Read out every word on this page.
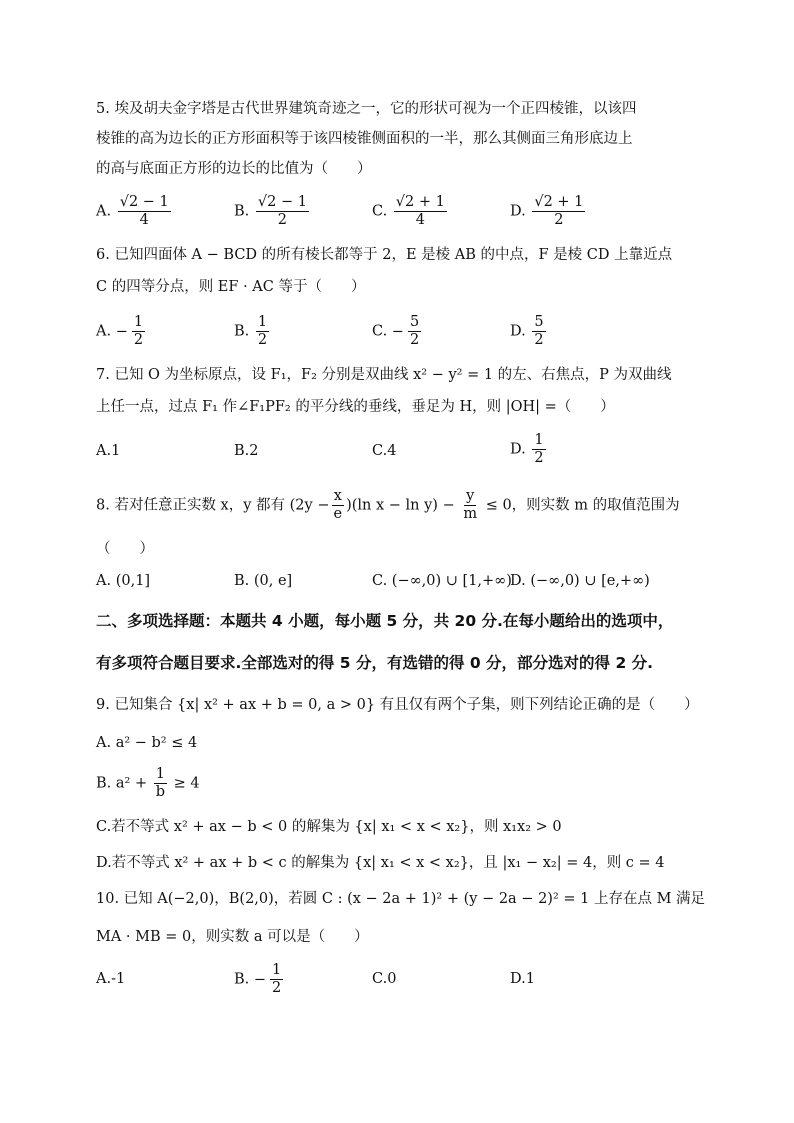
5. 埃及胡夫金字塔是古代世界建筑奇迹之一，它的形状可视为一个正四棱锥，以该四
棱锥的高为边长的正方形面积等于该四棱锥侧面积的一半，那么其侧面三角形底边上
的高与底面正方形的边长的比值为（　　）
A. $\frac{√2 - 1}{4}$	B. $\frac{√2 - 1}{2}$	C. $\frac{√2 + 1}{4}$	D. $\frac{√2 + 1}{2}$
6. 已知四面体 A − BCD 的所有棱长都等于 2，E 是棱 AB 的中点，F 是棱 CD 上靠近点
C 的四等分点，则 EF · AC 等于（　　）
A. − $\frac{1}{2}$	B. $\frac{1}{2}$	C. − $\frac{5}{2}$	D. $\frac{5}{2}$
7. 已知 O 为坐标原点，设 F₁，F₂ 分别是双曲线 x² − y² = 1 的左、右焦点，P 为双曲线
上任一点，过点 F₁ 作∠F₁PF₂ 的平分线的垂线，垂足为 H，则 |OH| =（　　）
A.1	B.2	C.4	D. $\frac{1}{2}$
8. 若对任意正实数 x，y 都有 $(2y - \frac{x}{e} )(\ln$ $x - \ln y) - \frac{y}{m} \le 0$，则实数 m 的取值范围为
（　　）
A. (0,1]	B. (0, e]	C. (−∞,0) ∪ [1,+∞)
D. (−∞,0) ∪ [e,+∞)
二、多项选择题：本题共 4 小题，每小题 5 分，共 20 分.在每小题给出的选项中，
有多项符合题目要求.全部选对的得 5 分，有选错的得 0 分，部分选对的得 2 分.
9. 已知集合 {x| x² + ax + b = 0, a > 0} 有且仅有两个子集，则下列结论正确的是（　　）
A. a² − b² ≤ 4
B. $a^2 + \frac{1}{b} \ge 4$
C.若不等式 x² + ax − b < 0 的解集为 {x| x₁ < x < x₂}，则 x₁x₂ > 0
D.若不等式 x² + ax + b < c 的解集为 {x| x₁ < x < x₂}，且 |x₁ − x₂| = 4，则 c = 4
10. 已知 A(−2,0)，B(2,0)，若圆 C : (x − 2a + 1)² + (y − 2a − 2)² = 1 上存在点 M 满足
MA · MB = 0，则实数 a 可以是（　　）
A.-1	B. − $\frac{1}{2}$	C.0	D.1
